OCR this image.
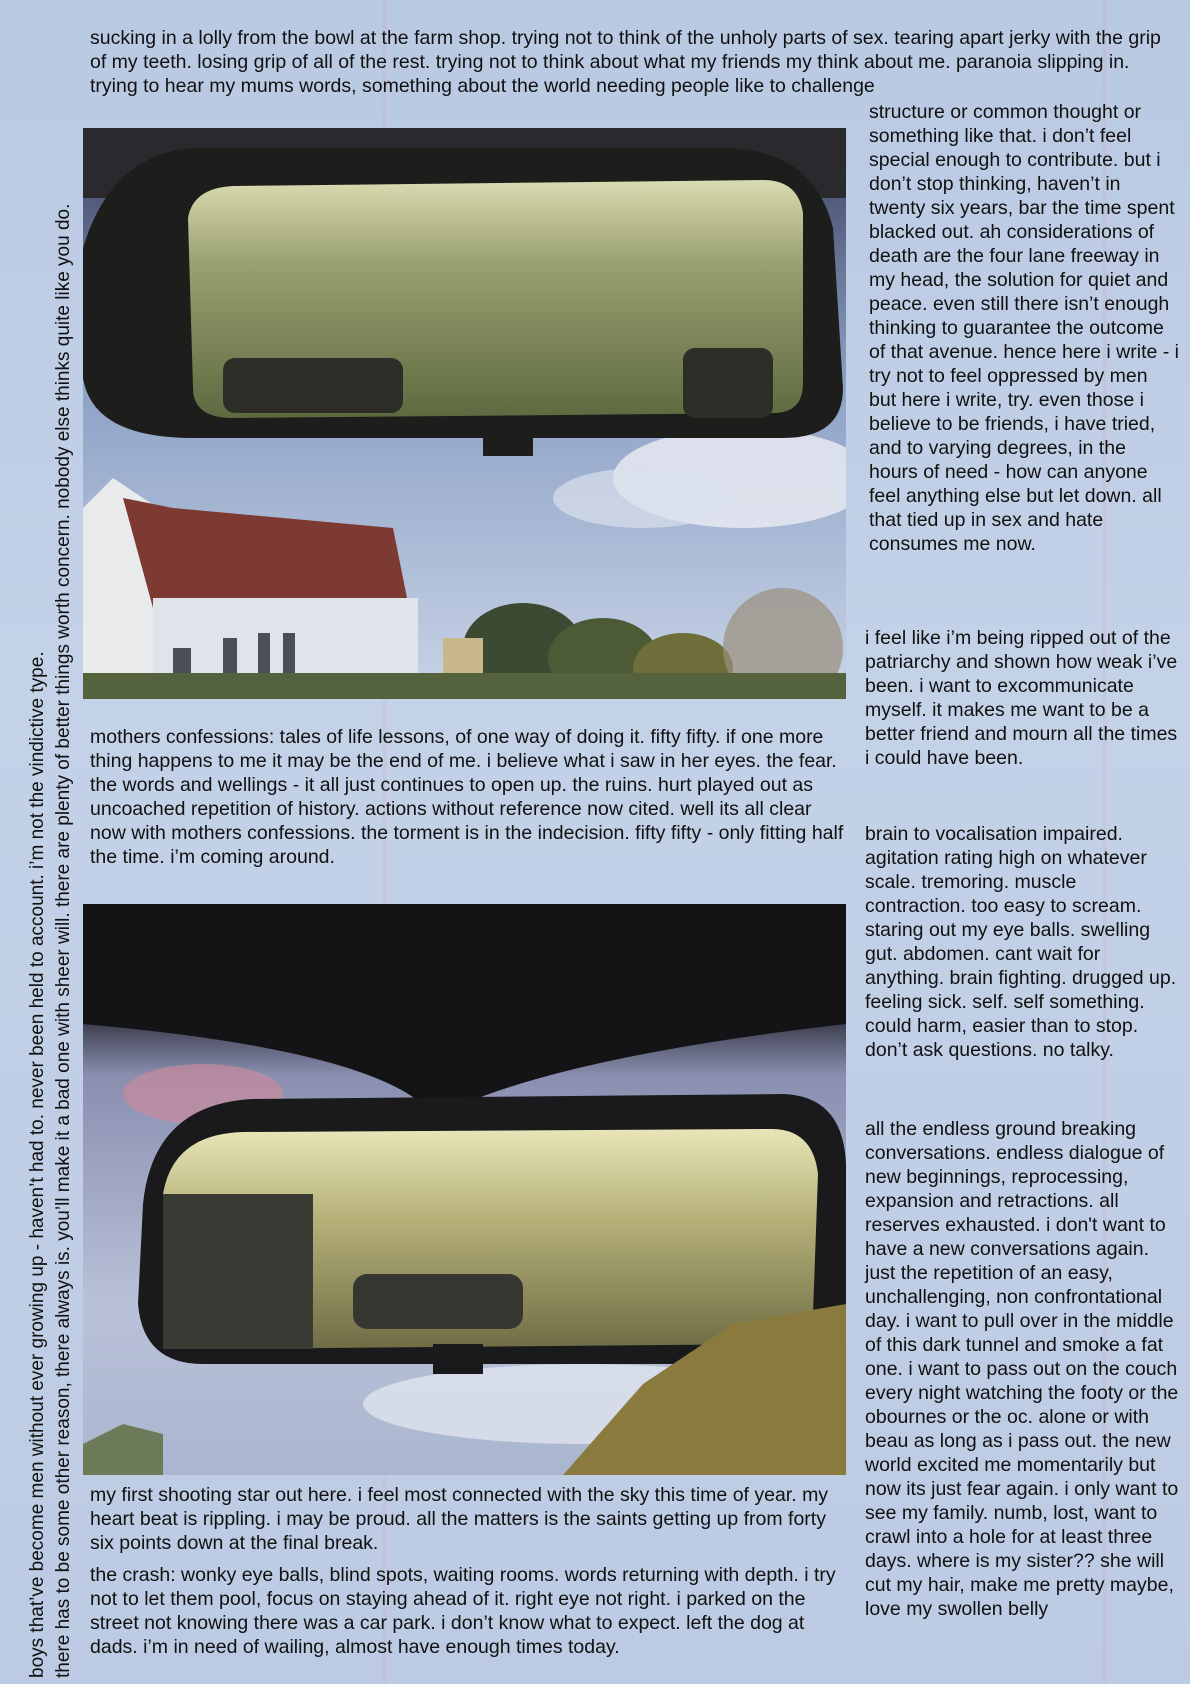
boys that’ve become men without ever growing up - haven’t had to. never been held to account. i’m not the vindictive type. there has to be some other reason, there always is. you’ll make it a bad one with sheer will. there are plenty of better things worth concern. nobody else thinks quite like you do.

sucking in a lolly from the bowl at the farm shop. trying not to think of the unholy parts of sex. tearing apart jerky with the grip of my teeth. losing grip of all of the rest. trying not to think about what my friends my think about me. paranoia slipping in. trying to hear my mums words, something about the world needing people like to challenge

structure or common thought or something like that. i don’t feel special enough to contribute. but i don’t stop thinking, haven’t in twenty six years, bar the time spent blacked out. ah considerations of death are the four lane freeway in my head, the solution for quiet and peace. even still there isn’t enough thinking to guarantee the outcome of that avenue. hence here i write - i try not to feel oppressed by men but here i write, try. even those i believe to be friends, i have tried, and to varying degrees, in the hours of need - how can anyone feel anything else but let down. all that tied up in sex and hate consumes me now.

i feel like i’m being ripped out of the patriarchy and shown how weak i’ve been. i want to excommunicate myself. it makes me want to be a better friend and mourn all the times i could have been.

brain to vocalisation impaired. agitation rating high on whatever scale. tremoring. muscle contraction. too easy to scream. staring out my eye balls. swelling gut. abdomen. cant wait for anything. brain fighting. drugged up. feeling sick. self. self something. could harm, easier than to stop. don’t ask questions. no talky.

all the endless ground breaking conversations. endless dialogue of new beginnings, reprocessing, expansion and retractions. all reserves exhausted. i don't want to have a new conversations again. just the repetition of an easy, unchallenging, non confrontational day. i want to pull over in the middle of this dark tunnel and smoke a fat one. i want to pass out on the couch every night watching the footy or the obournes or the oc. alone or with beau as long as i pass out. the new world excited me momentarily but now its just fear again. i only want to see my family. numb, lost, want to crawl into a hole for at least three days. where is my sister?? she will cut my hair, make me pretty maybe, love my swollen belly

mothers confessions: tales of life lessons, of one way of doing it. fifty fifty. if one more thing happens to me it may be the end of me. i believe what i saw in her eyes. the fear. the words and wellings - it all just continues to open up. the ruins. hurt played out as uncoached repetition of history. actions without reference now cited. well its all clear now with mothers confessions. the torment is in the indecision. fifty fifty - only fitting half the time. i’m coming around.

my first shooting star out here. i feel most connected with the sky this time of year. my heart beat is rippling. i may be proud. all the matters is the saints getting up from forty six points down at the final break.

the crash: wonky eye balls, blind spots, waiting rooms. words returning with depth. i try not to let them pool, focus on staying ahead of it. right eye not right. i parked on the street not knowing there was a car park. i don’t know what to expect. left the dog at dads. i’m in need of wailing, almost have enough times today.
